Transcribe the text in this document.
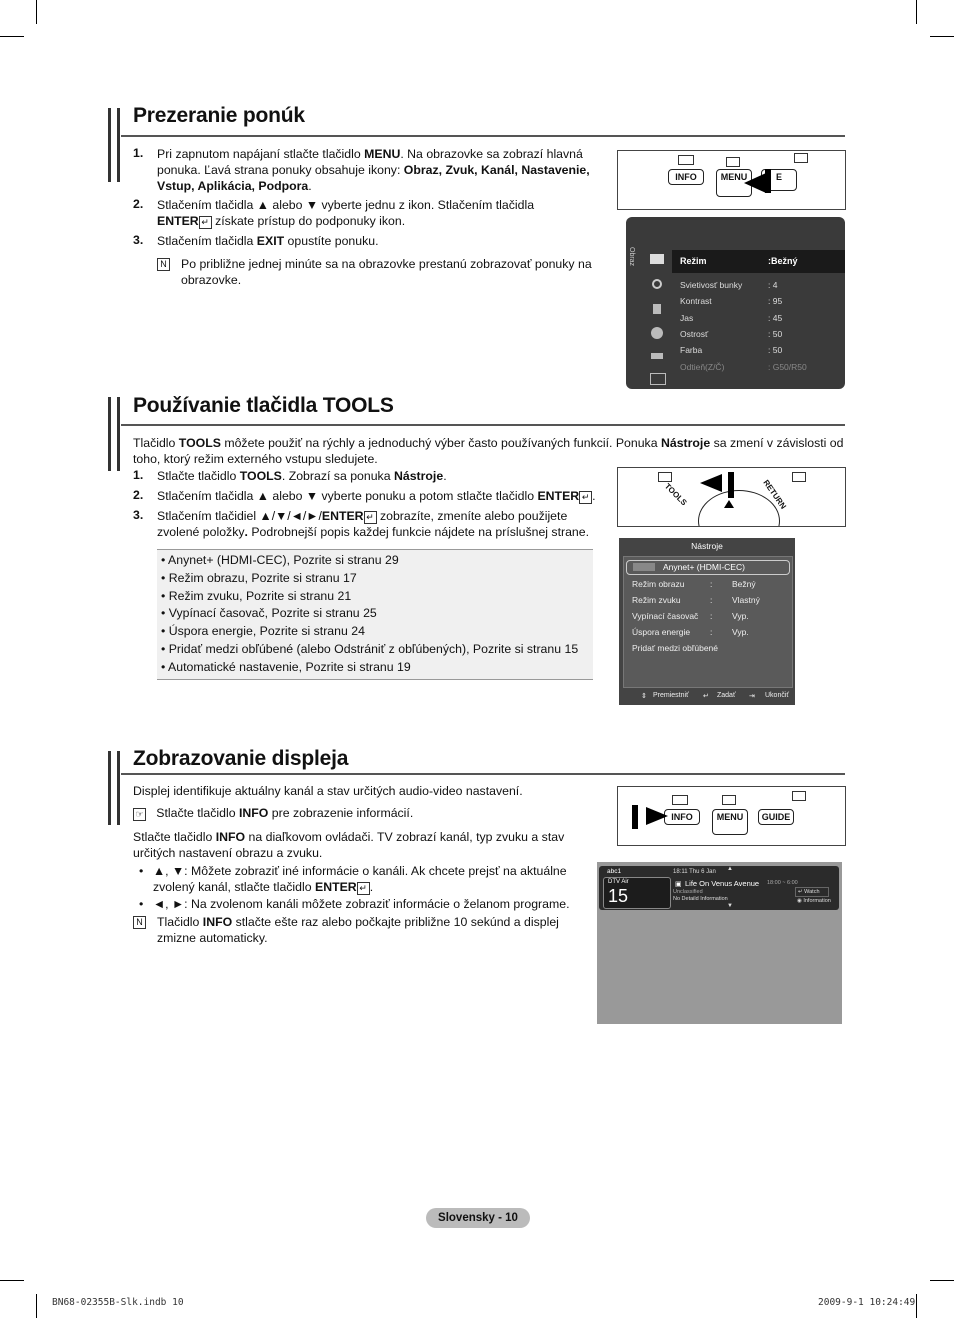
Prezeranie ponúk
1. Pri zapnutom napájaní stlačte tlačidlo MENU. Na obrazovke sa zobrazí hlavná
ponuka. Ľavá strana ponuky obsahuje ikony: Obraz, Zvuk, Kanál, Nastavenie,
Vstup, Aplikácia, Podpora.
2. Stlačením tlačidla ▲ alebo ▼ vyberte jednu z ikon. Stlačením tlačidla
ENTER ↵ získate prístup do podponuky ikon.
3. Stlačením tlačidla EXIT opustíte ponuku.
N Po približne jednej minúte sa na obrazovke prestanú zobrazovať ponuky na
obrazovke.
INFO	MENU	E
Obraz	Režim	:Bežný
Svietivosť bunky	: 4
Kontrast	: 95
Jas	: 45
Ostrosť	: 50
Farba	: 50
Odtieň(Z/Č)	: G50/R50
Používanie tlačidla TOOLS
Tlačidlo TOOLS môžete použiť na rýchly a jednoduchý výber často používaných funkcií. Ponuka Nástroje sa zmení v závislosti od
toho, ktorý režim externého vstupu sledujete.
1. Stlačte tlačidlo TOOLS. Zobrazí sa ponuka Nástroje.
2. Stlačením tlačidla ▲ alebo ▼ vyberte ponuku a potom stlačte tlačidlo ENTER ↵ .
3. Stlačením tlačidiel ▲/▼/◄/►/ENTER ↵ zobrazíte, zmeníte alebo použijete
zvolené položky. Podrobnejší popis každej funkcie nájdete na príslušnej strane.
• Anynet+ (HDMI-CEC), Pozrite si stranu 29
• Režim obrazu, Pozrite si stranu 17
• Režim zvuku, Pozrite si stranu 21
• Vypínací časovač, Pozrite si stranu 25
• Úspora energie, Pozrite si stranu 24
• Pridať medzi obľúbené (alebo Odstrániť z obľúbených), Pozrite si stranu 15
• Automatické nastavenie, Pozrite si stranu 19
TOOLS	RETURN
Nástroje
Anynet+ (HDMI-CEC)
Režim obrazu	: Bežný
Režim zvuku	: Vlastný
Vypínací časovač : Vyp.
Úspora energie : Vyp.
Pridať medzi obľúbené
⇕ Premiestniť ↵ Zadať ⇥ Ukončiť
Zobrazovanie displeja
Displej identifikuje aktuálny kanál a stav určitých audio-video nastavení.
☞ Stlačte tlačidlo INFO pre zobrazenie informácií.
Stlačte tlačidlo INFO na diaľkovom ovládači. TV zobrazí kanál, typ zvuku a stav
určitých nastavení obrazu a zvuku.
• ▲, ▼: Môžete zobraziť iné informácie o kanáli. Ak chcete prejsť na aktuálne
zvolený kanál, stlačte tlačidlo ENTER ↵ .
• ◄, ►: Na zvolenom kanáli môžete zobraziť informácie o želanom programe.
N Tlačidlo INFO stlačte ešte raz alebo počkajte približne 10 sekúnd a displej
zmizne automaticky.
INFO	MENU	GUIDE
abc1
DTV Air
15
18:11 Thu 6 Jan ▲
▣ Life On Venus Avenue 18:00 ~ 6:00
Unclassified
No Detaild Information
▼
↵ Watch
◉ Information
Slovensky - 10
BN68-02355B-Slk.indb 10	2009-9-1 10:24:49
